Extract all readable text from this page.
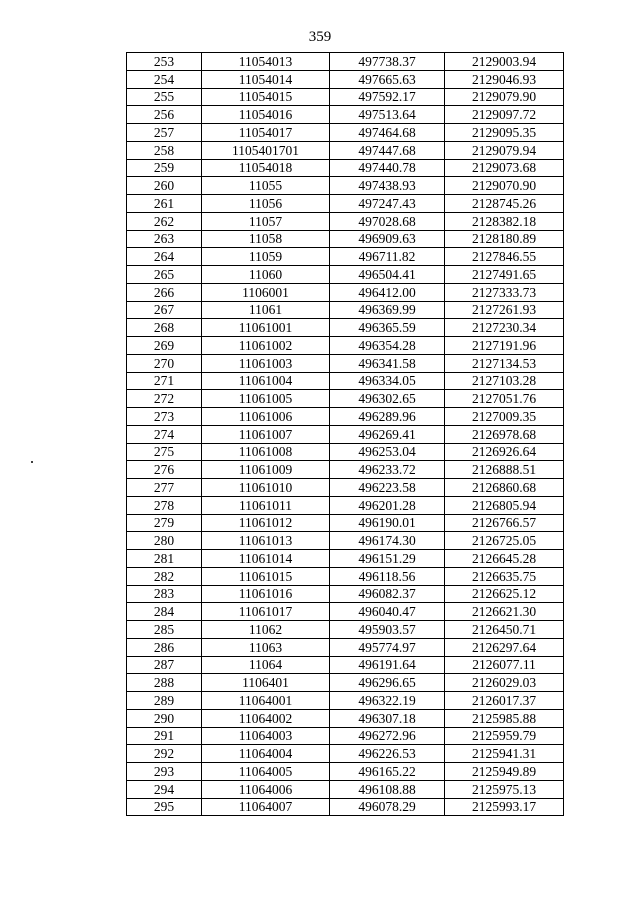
359
253	11054013	497738.37	2129003.94
254	11054014	497665.63	2129046.93
255	11054015	497592.17	2129079.90
256	11054016	497513.64	2129097.72
257	11054017	497464.68	2129095.35
258	1105401701	497447.68	2129079.94
259	11054018	497440.78	2129073.68
260	11055	497438.93	2129070.90
261	11056	497247.43	2128745.26
262	11057	497028.68	2128382.18
263	11058	496909.63	2128180.89
264	11059	496711.82	2127846.55
265	11060	496504.41	2127491.65
266	1106001	496412.00	2127333.73
267	11061	496369.99	2127261.93
268	11061001	496365.59	2127230.34
269	11061002	496354.28	2127191.96
270	11061003	496341.58	2127134.53
271	11061004	496334.05	2127103.28
272	11061005	496302.65	2127051.76
273	11061006	496289.96	2127009.35
274	11061007	496269.41	2126978.68
275	11061008	496253.04	2126926.64
276	11061009	496233.72	2126888.51
277	11061010	496223.58	2126860.68
278	11061011	496201.28	2126805.94
279	11061012	496190.01	2126766.57
280	11061013	496174.30	2126725.05
281	11061014	496151.29	2126645.28
282	11061015	496118.56	2126635.75
283	11061016	496082.37	2126625.12
284	11061017	496040.47	2126621.30
285	11062	495903.57	2126450.71
286	11063	495774.97	2126297.64
287	11064	496191.64	2126077.11
288	1106401	496296.65	2126029.03
289	11064001	496322.19	2126017.37
290	11064002	496307.18	2125985.88
291	11064003	496272.96	2125959.79
292	11064004	496226.53	2125941.31
293	11064005	496165.22	2125949.89
294	11064006	496108.88	2125975.13
295	11064007	496078.29	2125993.17
